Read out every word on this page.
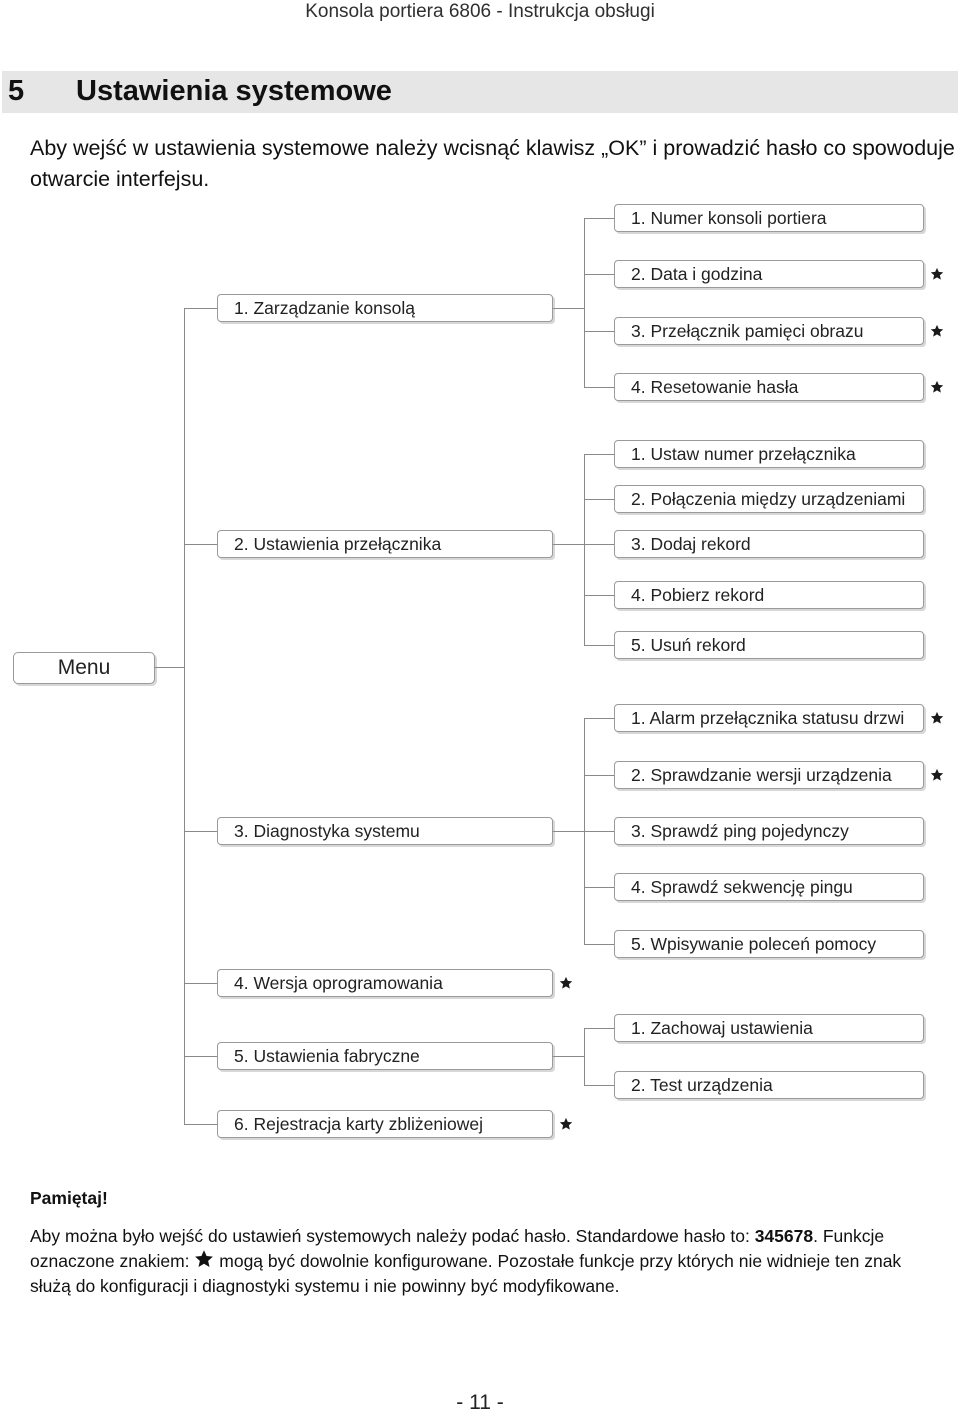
Konsola portiera 6806 - Instrukcja obsługi
5 Ustawienia systemowe
Aby wejść w ustawienia systemowe należy wcisnąć klawisz „OK” i prowadzić hasło co spowoduje otwarcie interfejsu.
Menu
1. Zarządzanie konsolą
1. Numer konsoli portiera
2. Data i godzina
3. Przełącznik pamięci obrazu
4. Resetowanie hasła
2. Ustawienia przełącznika
1. Ustaw numer przełącznika
2. Połączenia między urządzeniami
3. Dodaj rekord
4. Pobierz rekord
5. Usuń rekord
3. Diagnostyka systemu
1. Alarm przełącznika statusu drzwi
2. Sprawdzanie wersji urządzenia
3. Sprawdź ping pojedynczy
4. Sprawdź sekwencję pingu
5. Wpisywanie poleceń pomocy
4. Wersja oprogramowania
5. Ustawienia fabryczne
1. Zachowaj ustawienia
2. Test urządzenia
6. Rejestracja karty zbliżeniowej
Pamiętaj!
Aby można było wejść do ustawień systemowych należy podać hasło. Standardowe hasło to: 345678. Funkcje oznaczone znakiem:  mogą być dowolnie konfigurowane. Pozostałe funkcje przy których nie widnieje ten znak służą do konfiguracji i diagnostyki systemu i nie powinny być modyfikowane.
- 11 -
